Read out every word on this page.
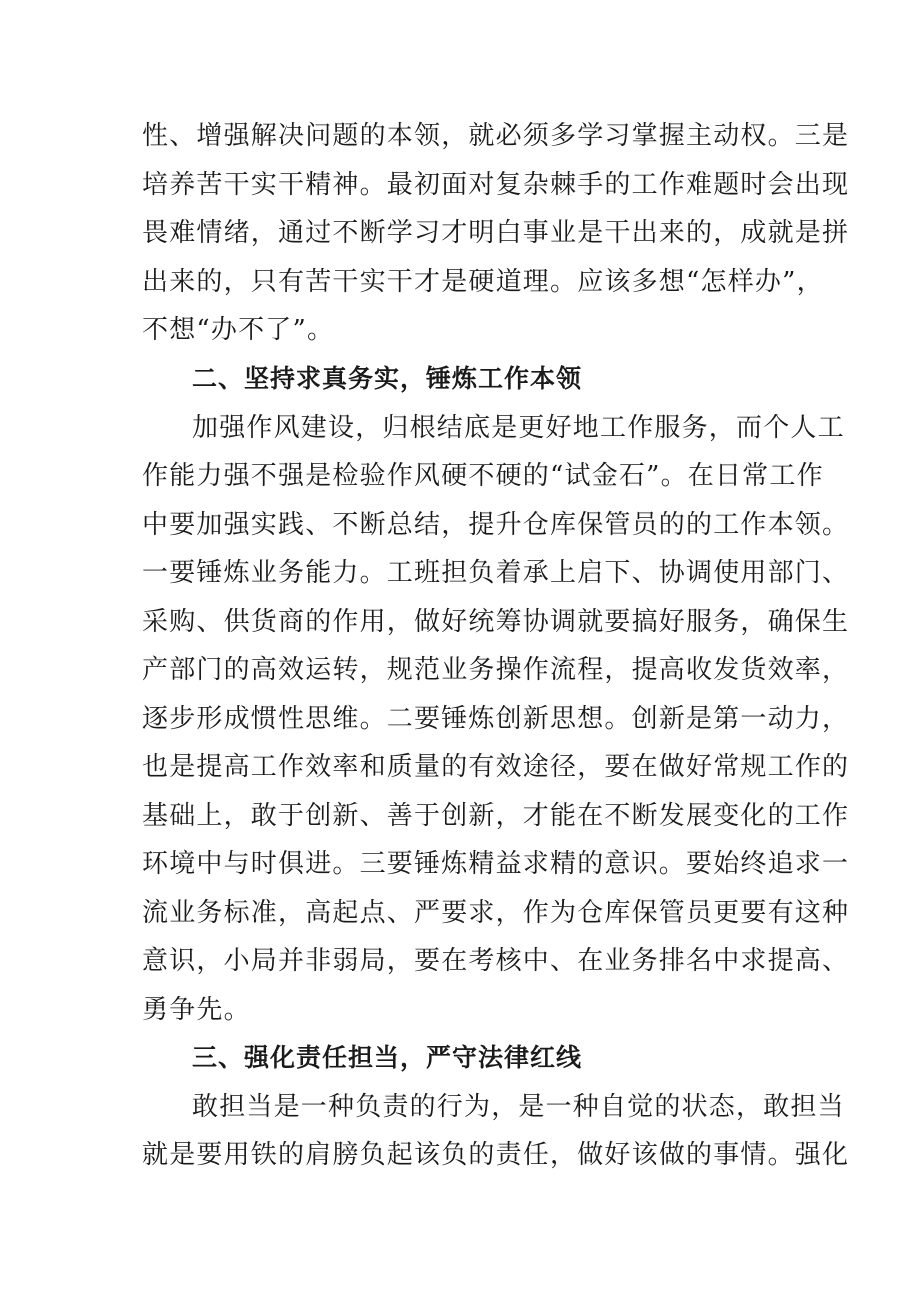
性、增强解决问题的本领，就必须多学习掌握主动权。三是
培养苦干实干精神。最初面对复杂棘手的工作难题时会出现
畏难情绪，通过不断学习才明白事业是干出来的，成就是拼
出来的，只有苦干实干才是硬道理。应该多想“怎样办”，
不想“办不了”。
二、坚持求真务实，锤炼工作本领
加强作风建设，归根结底是更好地工作服务，而个人工
作能力强不强是检验作风硬不硬的“试金石”。在日常工作
中要加强实践、不断总结，提升仓库保管员的的工作本领。
一要锤炼业务能力。工班担负着承上启下、协调使用部门、
采购、供货商的作用，做好统筹协调就要搞好服务，确保生
产部门的高效运转，规范业务操作流程，提高收发货效率，
逐步形成惯性思维。二要锤炼创新思想。创新是第一动力，
也是提高工作效率和质量的有效途径，要在做好常规工作的
基础上，敢于创新、善于创新，才能在不断发展变化的工作
环境中与时俱进。三要锤炼精益求精的意识。要始终追求一
流业务标准，高起点、严要求，作为仓库保管员更要有这种
意识，小局并非弱局，要在考核中、在业务排名中求提高、
勇争先。
三、强化责任担当，严守法律红线
敢担当是一种负责的行为，是一种自觉的状态，敢担当
就是要用铁的肩膀负起该负的责任，做好该做的事情。强化
